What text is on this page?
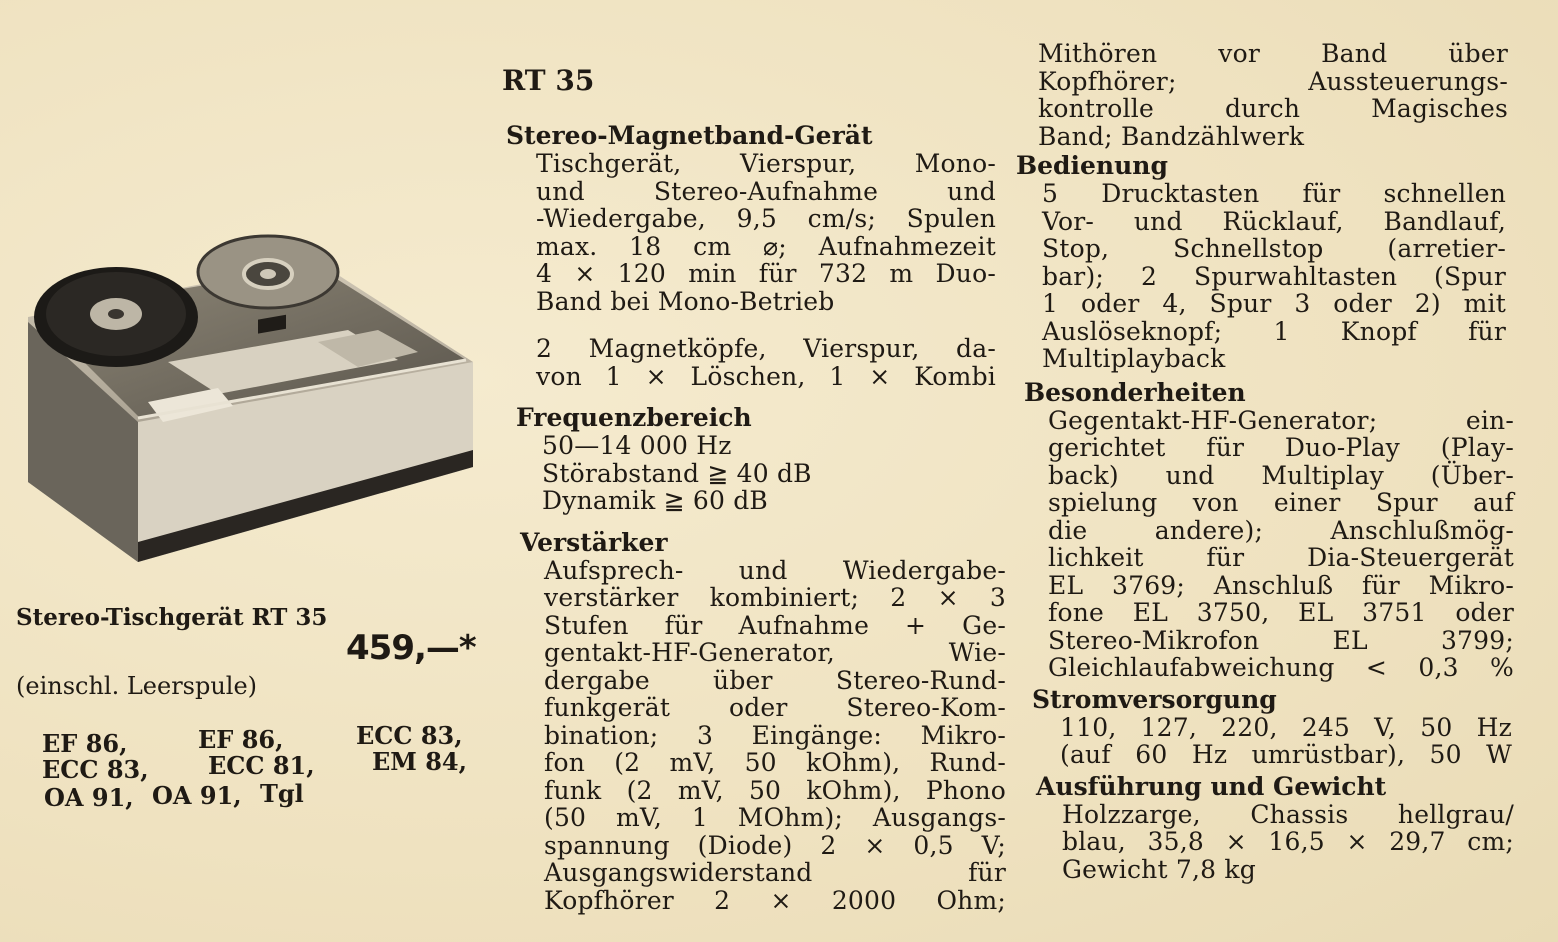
RT 35
Stereo-Tischgerät RT 35
459,—*
(einschl. Leerspule)
EF 86,	EF 86,	ECC 83,
ECC 83, ECC 81, EM 84,
OA 91, OA 91, Tgl
Stereo-Magnetband-Gerät

Tischgerät, Vierspur, Mono-

und Stereo-Aufnahme und

-Wiedergabe, 9,5 cm/s; Spulen

max. 18 cm ⌀; Aufnahmezeit

4 × 120 min für 732 m Duo-

Band bei Mono-Betrieb

2 Magnetköpfe, Vierspur, da-

von 1 × Löschen, 1 × Kombi

Frequenzbereich
50—14 000 Hz
Störabstand ≧ 40 dB
Dynamik ≧ 60 dB
Verstärker

Aufsprech- und Wiedergabe-

verstärker kombiniert; 2 × 3

Stufen für Aufnahme + Ge-

gentakt-HF-Generator, Wie-

dergabe über Stereo-Rund-

funkgerät oder Stereo-Kom-

bination; 3 Eingänge: Mikro-

fon (2 mV, 50 kOhm), Rund-

funk (2 mV, 50 kOhm), Phono

(50 mV, 1 MOhm); Ausgangs-

spannung (Diode) 2 × 0,5 V;

Ausgangswiderstand für

Kopfhörer 2 × 2000 Ohm;

Mithören vor Band über

Kopfhörer; Aussteuerungs-

kontrolle durch Magisches

Band; Bandzählwerk

Bedienung

5 Drucktasten für schnellen

Vor- und Rücklauf, Bandlauf,

Stop, Schnellstop (arretier-

bar); 2 Spurwahltasten (Spur

1 oder 4, Spur 3 oder 2) mit

Auslöseknopf; 1 Knopf für

Multiplayback

Besonderheiten

Gegentakt-HF-Generator; ein-

gerichtet für Duo-Play (Play-

back) und Multiplay (Über-

spielung von einer Spur auf

die andere); Anschlußmög-

lichkeit für Dia-Steuergerät

EL 3769; Anschluß für Mikro-

fone EL 3750, EL 3751 oder

Stereo-Mikrofon EL 3799;

Gleichlaufabweichung < 0,3 %

Stromversorgung

110, 127, 220, 245 V, 50 Hz

(auf 60 Hz umrüstbar), 50 W

Ausführung und Gewicht

Holzzarge, Chassis hellgrau/

blau, 35,8 × 16,5 × 29,7 cm;

Gewicht 7,8 kg
